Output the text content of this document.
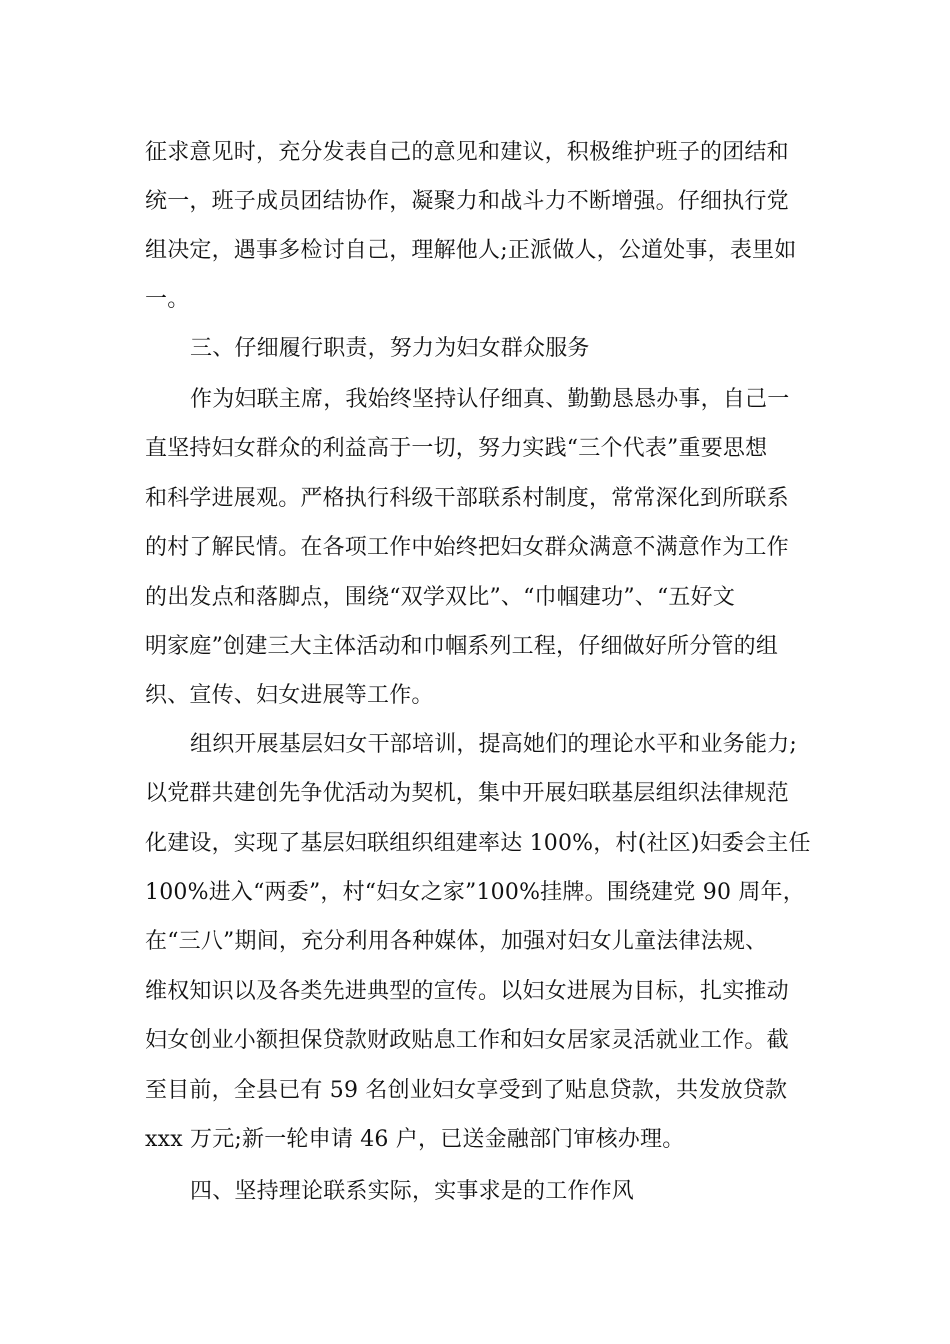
征求意见时，充分发表自己的意见和建议，积极维护班子的团结和
统一，班子成员团结协作，凝聚力和战斗力不断增强。仔细执行党
组决定，遇事多检讨自己，理解他人;正派做人，公道处事，表里如
一。
三、仔细履行职责，努力为妇女群众服务
作为妇联主席，我始终坚持认仔细真、勤勤恳恳办事，自己一
直坚持妇女群众的利益高于一切，努力实践“三个代表”重要思想
和科学进展观。严格执行科级干部联系村制度，常常深化到所联系
的村了解民情。在各项工作中始终把妇女群众满意不满意作为工作
的出发点和落脚点，围绕“双学双比”、“巾帼建功”、“五好文
明家庭”创建三大主体活动和巾帼系列工程，仔细做好所分管的组
织、宣传、妇女进展等工作。
组织开展基层妇女干部培训，提高她们的理论水平和业务能力;
以党群共建创先争优活动为契机，集中开展妇联基层组织法律规范
化建设，实现了基层妇联组织组建率达 100%，村(社区)妇委会主任
100%进入“两委”，村“妇女之家”100%挂牌。围绕建党 90 周年，
在“三八”期间，充分利用各种媒体，加强对妇女儿童法律法规、
维权知识以及各类先进典型的宣传。以妇女进展为目标，扎实推动
妇女创业小额担保贷款财政贴息工作和妇女居家灵活就业工作。截
至目前，全县已有 59 名创业妇女享受到了贴息贷款，共发放贷款
xxx 万元;新一轮申请 46 户，已送金融部门审核办理。
四、坚持理论联系实际，实事求是的工作作风
